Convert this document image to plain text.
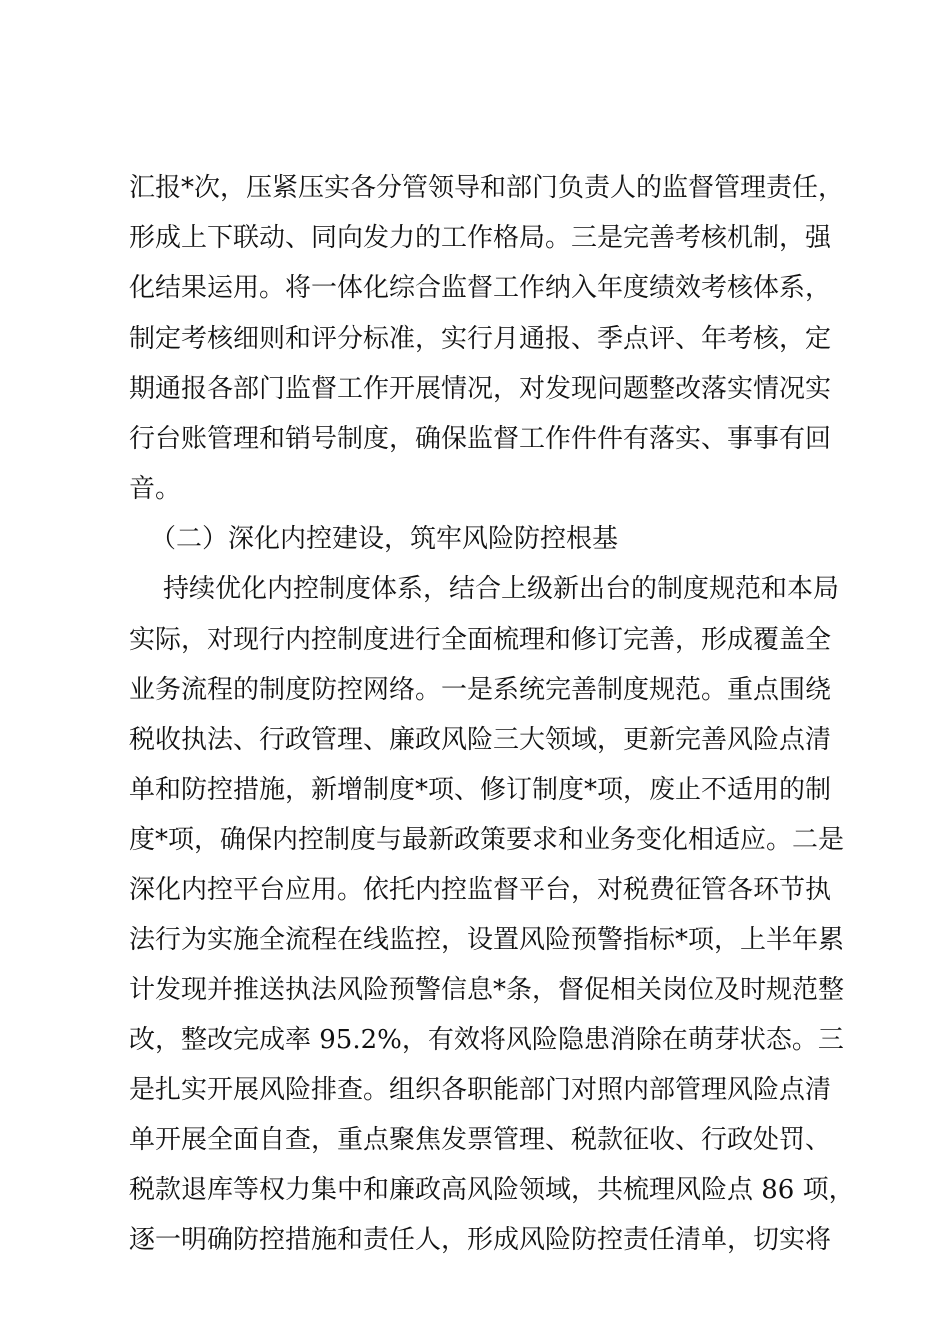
汇报*次，压紧压实各分管领导和部门负责人的监督管理责任，
形成上下联动、同向发力的工作格局。三是完善考核机制，强
化结果运用。将一体化综合监督工作纳入年度绩效考核体系，
制定考核细则和评分标准，实行月通报、季点评、年考核，定
期通报各部门监督工作开展情况，对发现问题整改落实情况实
行台账管理和销号制度，确保监督工作件件有落实、事事有回
音。
（二）深化内控建设，筑牢风险防控根基
持续优化内控制度体系，结合上级新出台的制度规范和本局
实际，对现行内控制度进行全面梳理和修订完善，形成覆盖全
业务流程的制度防控网络。一是系统完善制度规范。重点围绕
税收执法、行政管理、廉政风险三大领域，更新完善风险点清
单和防控措施，新增制度*项、修订制度*项，废止不适用的制
度*项，确保内控制度与最新政策要求和业务变化相适应。二是
深化内控平台应用。依托内控监督平台，对税费征管各环节执
法行为实施全流程在线监控，设置风险预警指标*项，上半年累
计发现并推送执法风险预警信息*条，督促相关岗位及时规范整
改，整改完成率 95.2%，有效将风险隐患消除在萌芽状态。三
是扎实开展风险排查。组织各职能部门对照内部管理风险点清
单开展全面自查，重点聚焦发票管理、税款征收、行政处罚、
税款退库等权力集中和廉政高风险领域，共梳理风险点 86 项，
逐一明确防控措施和责任人，形成风险防控责任清单，切实将
